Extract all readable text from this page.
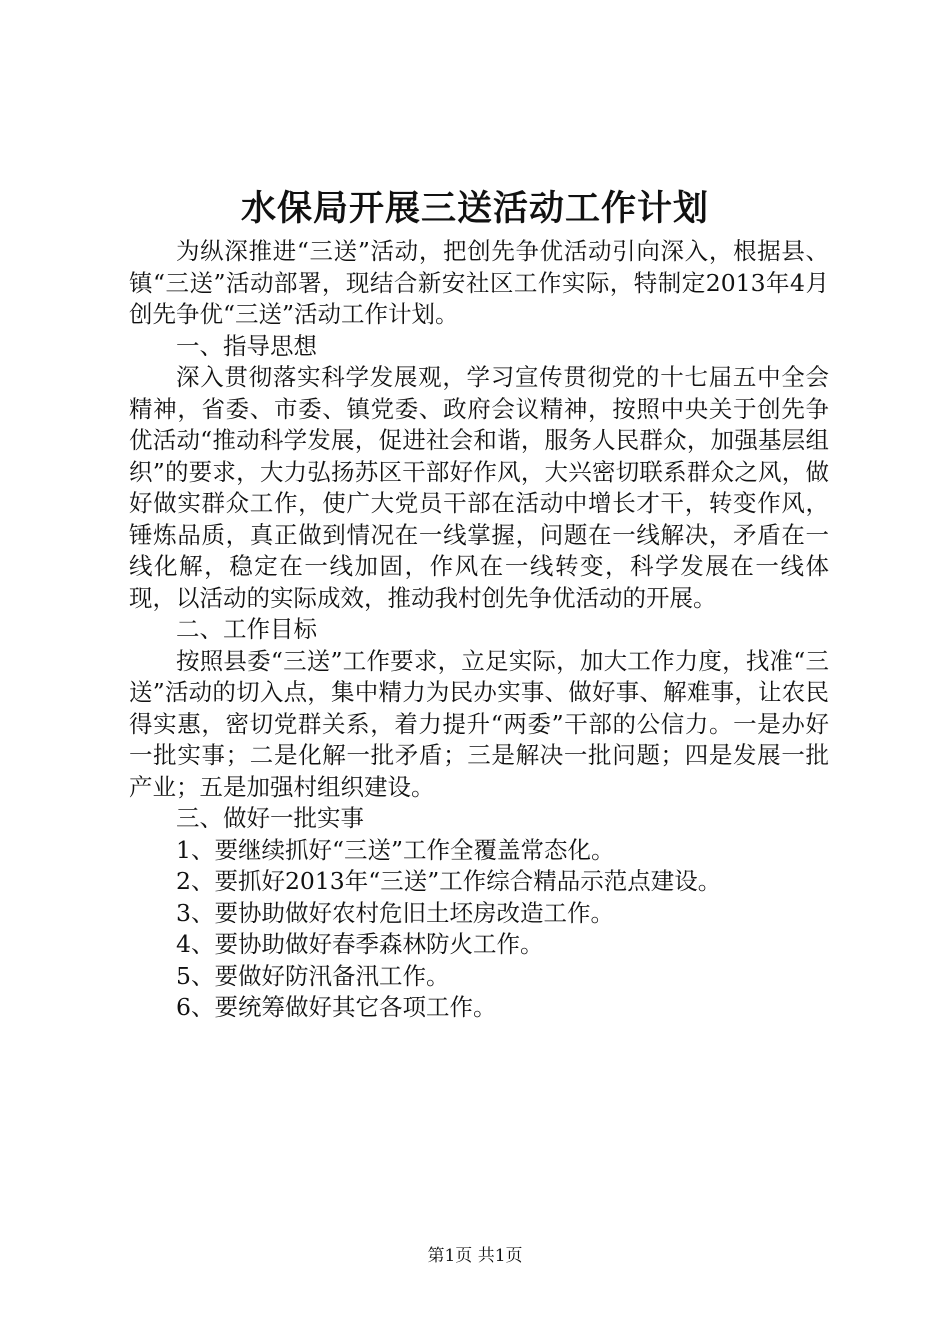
水保局开展三送活动工作计划

为纵深推进“三送”活动，把创先争优活动引向深入，根据县、镇“三送”活动部署，现结合新安社区工作实际，特制定2013年4月创先争优“三送”活动工作计划。

一、指导思想

深入贯彻落实科学发展观，学习宣传贯彻党的十七届五中全会精神，省委、市委、镇党委、政府会议精神，按照中央关于创先争优活动“推动科学发展，促进社会和谐，服务人民群众，加强基层组织”的要求，大力弘扬苏区干部好作风，大兴密切联系群众之风，做好做实群众工作，使广大党员干部在活动中增长才干，转变作风，锤炼品质，真正做到情况在一线掌握，问题在一线解决，矛盾在一线化解，稳定在一线加固，作风在一线转变，科学发展在一线体现，以活动的实际成效，推动我村创先争优活动的开展。

二、工作目标

按照县委“三送”工作要求，立足实际，加大工作力度，找准“三送”活动的切入点，集中精力为民办实事、做好事、解难事，让农民得实惠，密切党群关系，着力提升“两委”干部的公信力。一是办好一批实事；二是化解一批矛盾；三是解决一批问题；四是发展一批产业；五是加强村组织建设。

三、做好一批实事

1、要继续抓好“三送”工作全覆盖常态化。

2、要抓好2013年“三送”工作综合精品示范点建设。

3、要协助做好农村危旧土坯房改造工作。

4、要协助做好春季森林防火工作。

5、要做好防汛备汛工作。

6、要统筹做好其它各项工作。

第1页 共1页
